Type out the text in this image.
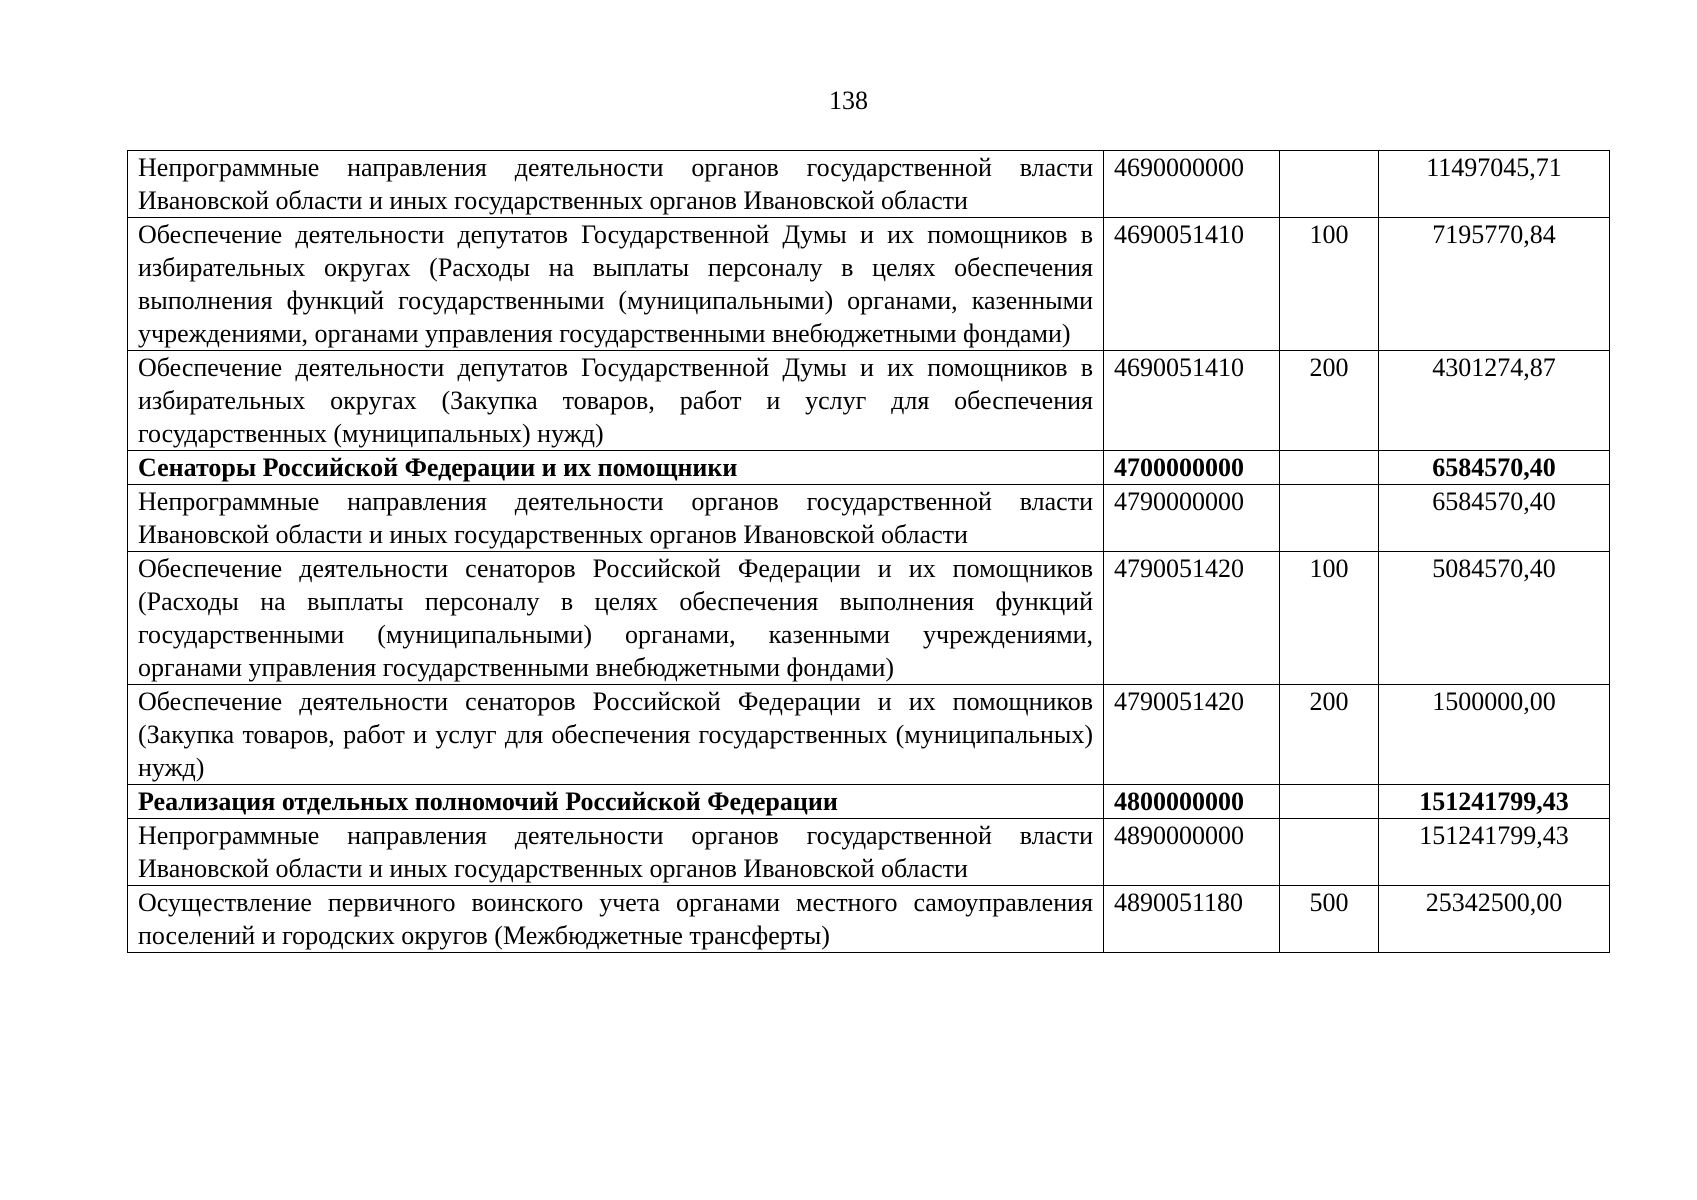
138
Непрограммные направления деятельности органов государственной власти Ивановской области и иных государственных органов Ивановской области	4690000000		11497045,71
Обеспечение деятельности депутатов Государственной Думы и их помощников в избирательных округах (Расходы на выплаты персоналу в целях обеспечения выполнения функций государственными (муниципальными) органами, казенными учреждениями, органами управления государственными внебюджетными фондами)	4690051410	100	7195770,84
Обеспечение деятельности депутатов Государственной Думы и их помощников в избирательных округах (Закупка товаров, работ и услуг для обеспечения государственных (муниципальных) нужд)	4690051410	200	4301274,87
Сенаторы Российской Федерации и их помощники	4700000000		6584570,40
Непрограммные направления деятельности органов государственной власти Ивановской области и иных государственных органов Ивановской области	4790000000		6584570,40
Обеспечение деятельности сенаторов Российской Федерации и их помощников (Расходы на выплаты персоналу в целях обеспечения выполнения функций государственными (муниципальными) органами, казенными учреждениями, органами управления государственными внебюджетными фондами)	4790051420	100	5084570,40
Обеспечение деятельности сенаторов Российской Федерации и их помощников (Закупка товаров, работ и услуг для обеспечения государственных (муниципальных) нужд)	4790051420	200	1500000,00
Реализация отдельных полномочий Российской Федерации	4800000000		151241799,43
Непрограммные направления деятельности органов государственной власти Ивановской области и иных государственных органов Ивановской области	4890000000		151241799,43
Осуществление первичного воинского учета органами местного самоуправления поселений и городских округов (Межбюджетные трансферты)	4890051180	500	25342500,00
